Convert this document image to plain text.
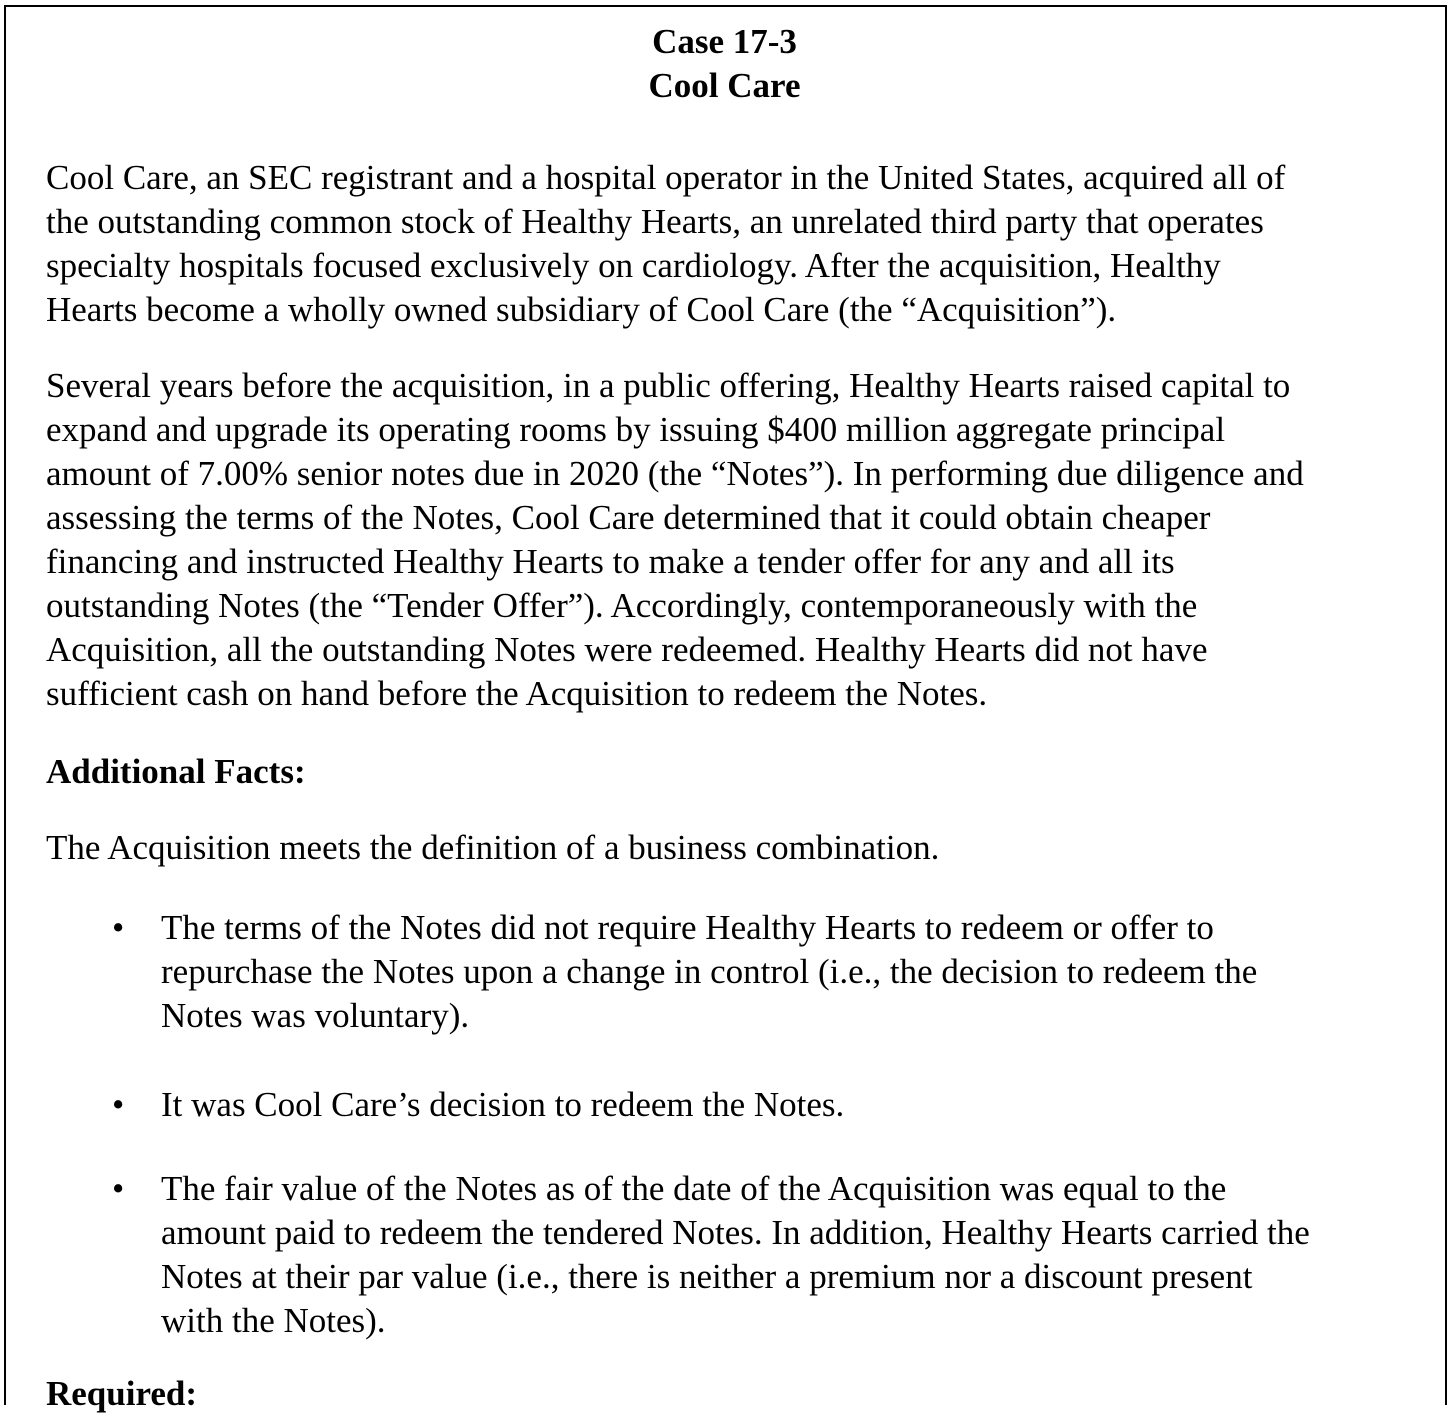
Case 17-3
Cool Care
Cool Care, an SEC registrant and a hospital operator in the United States, acquired all of
the outstanding common stock of Healthy Hearts, an unrelated third party that operates
specialty hospitals focused exclusively on cardiology. After the acquisition, Healthy
Hearts become a wholly owned subsidiary of Cool Care (the “Acquisition”).
Several years before the acquisition, in a public offering, Healthy Hearts raised capital to
expand and upgrade its operating rooms by issuing $400 million aggregate principal
amount of 7.00% senior notes due in 2020 (the “Notes”). In performing due diligence and
assessing the terms of the Notes, Cool Care determined that it could obtain cheaper
financing and instructed Healthy Hearts to make a tender offer for any and all its
outstanding Notes (the “Tender Offer”). Accordingly, contemporaneously with the
Acquisition, all the outstanding Notes were redeemed. Healthy Hearts did not have
sufficient cash on hand before the Acquisition to redeem the Notes.
Additional Facts:
The Acquisition meets the definition of a business combination.
• The terms of the Notes did not require Healthy Hearts to redeem or offer to
repurchase the Notes upon a change in control (i.e., the decision to redeem the
Notes was voluntary).
• It was Cool Care’s decision to redeem the Notes.
• The fair value of the Notes as of the date of the Acquisition was equal to the
amount paid to redeem the tendered Notes. In addition, Healthy Hearts carried the
Notes at their par value (i.e., there is neither a premium nor a discount present
with the Notes).
Required:
